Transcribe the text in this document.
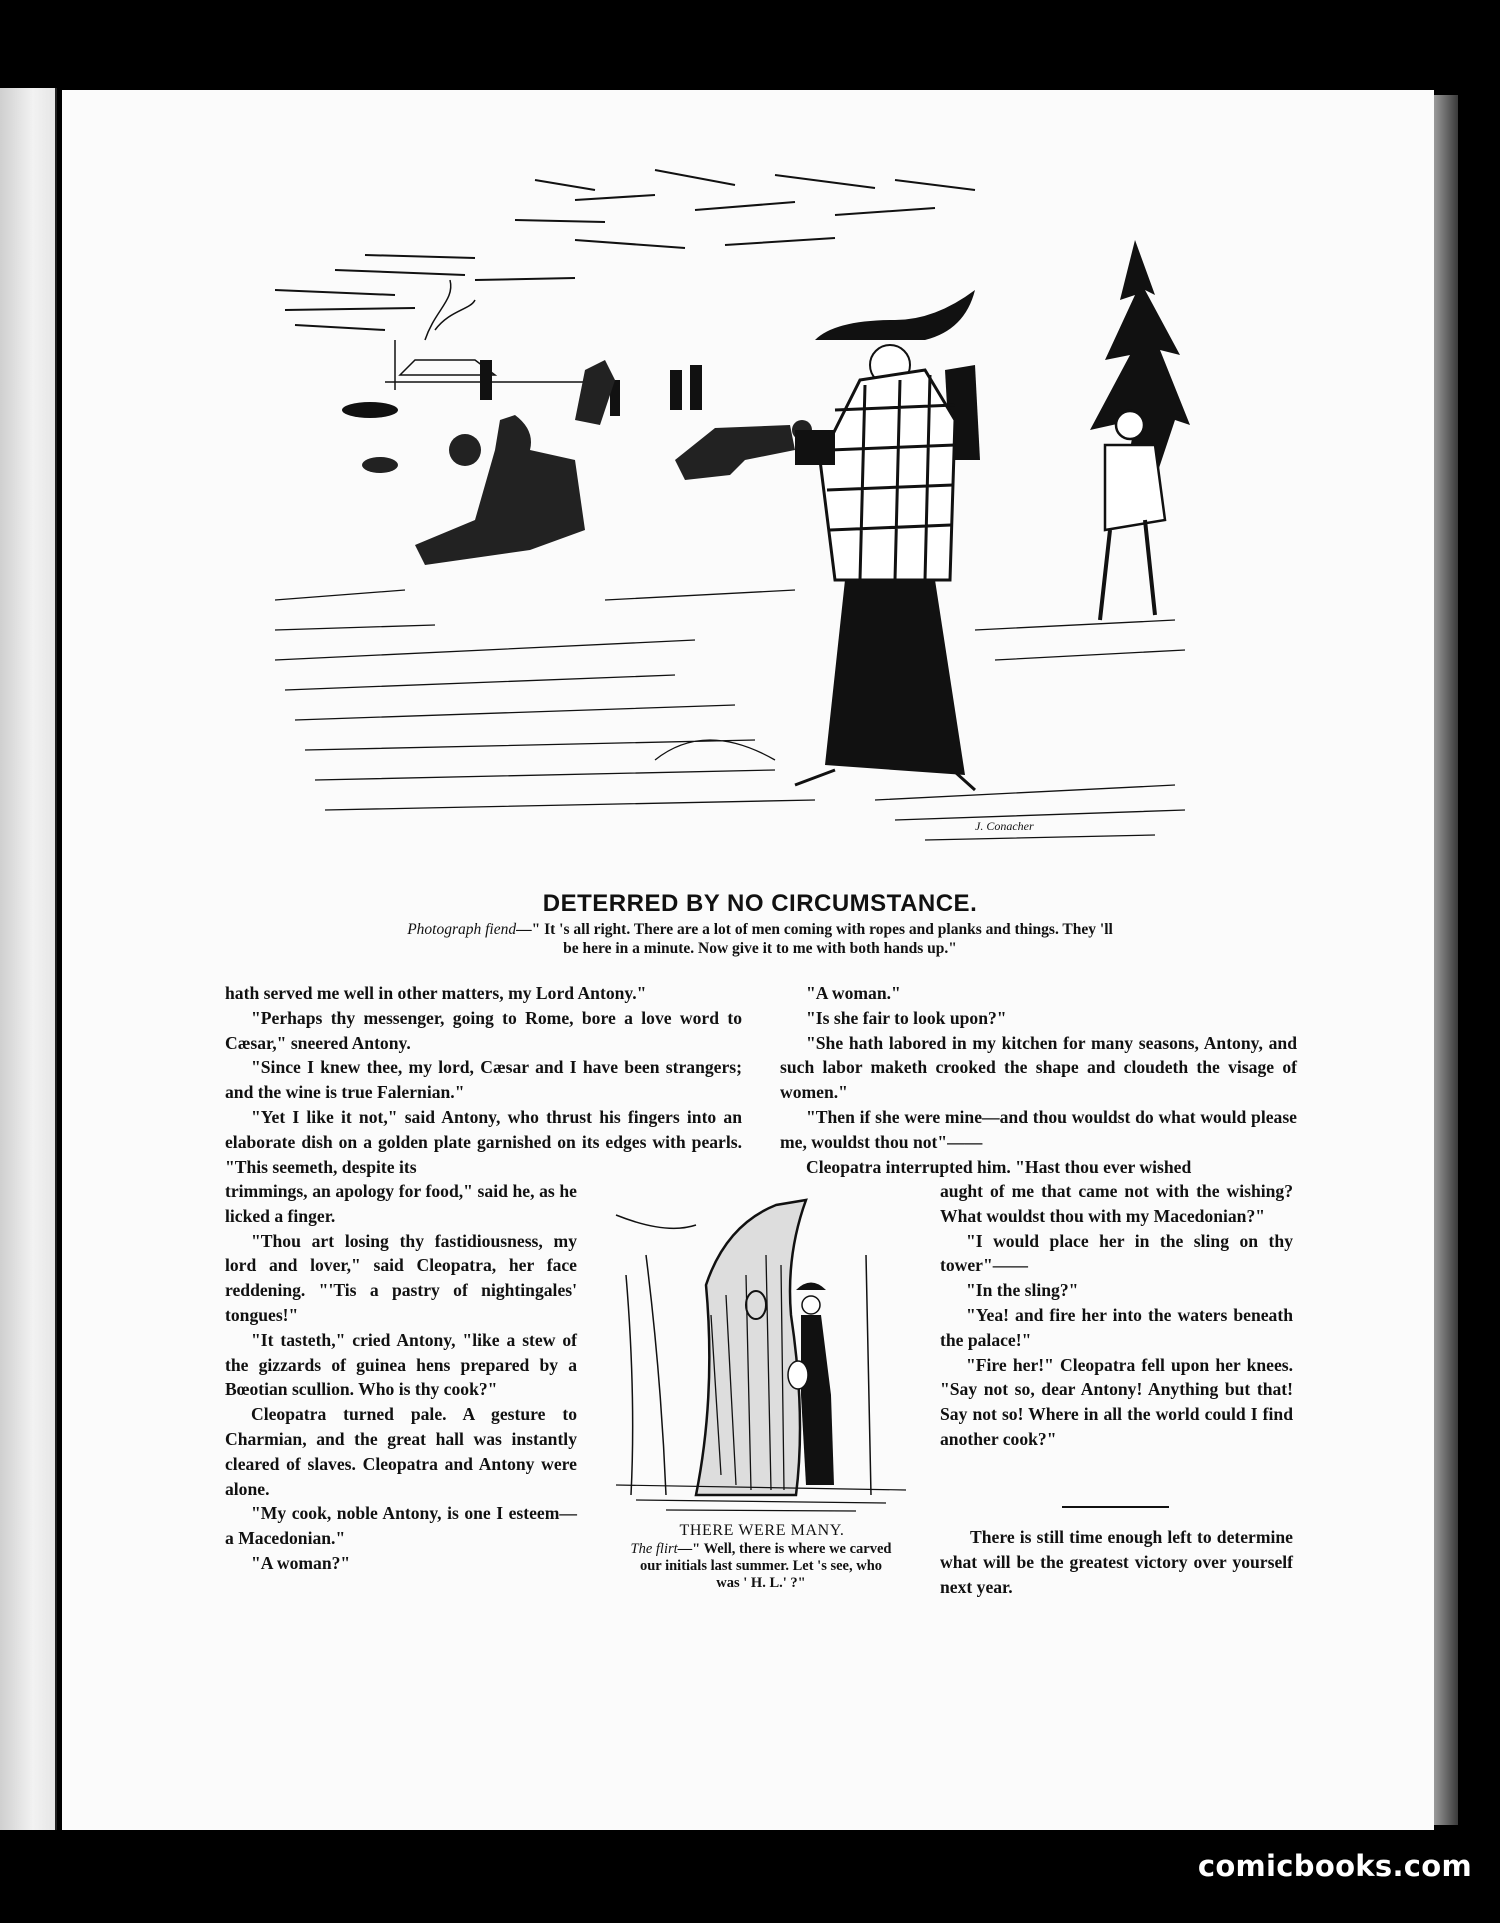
J. Conacher
DETERRED BY NO CIRCUMSTANCE.
Photograph fiend—" It 's all right. There are a lot of men coming with ropes and planks and things. They 'll
be here in a minute. Now give it to me with both hands up."

hath served me well in other matters, my Lord Antony."

"Perhaps thy messenger, going to Rome, bore a love word to Cæsar," sneered Antony.

"Since I knew thee, my lord, Cæsar and I have been strangers; and the wine is true Falernian."

"Yet I like it not," said Antony, who thrust his fingers into an elaborate dish on a golden plate garnished on its edges with pearls. "This seemeth, despite its

trimmings, an apology for food," said he, as he licked a finger.

"Thou art losing thy fastidiousness, my lord and lover," said Cleopatra, her face reddening. "'Tis a pastry of nightingales' tongues!"

"It tasteth," cried Antony, "like a stew of the gizzards of guinea hens prepared by a Bœotian scullion. Who is thy cook?"

Cleopatra turned pale. A gesture to Charmian, and the great hall was instantly cleared of slaves. Cleopatra and Antony were alone.

"My cook, noble Antony, is one I esteem—a Macedonian."

"A woman?"

"A woman."

"Is she fair to look upon?"

"She hath labored in my kitchen for many seasons, Antony, and such labor maketh crooked the shape and cloudeth the visage of women."

"Then if she were mine—and thou wouldst do what would please me, wouldst thou not"——

Cleopatra interrupted him. "Hast thou ever wished

aught of me that came not with the wishing? What wouldst thou with my Macedonian?"

"I would place her in the sling on thy tower"——

"In the sling?"

"Yea! and fire her into the waters beneath the palace!"

"Fire her!" Cleopatra fell upon her knees. "Say not so, dear Antony! Anything but that! Say not so! Where in all the world could I find another cook?"

THERE WERE MANY.
The flirt—" Well, there is where we carved
our initials last summer. Let 's see, who
was ' H. L.' ?"

There is still time enough left to determine what will be the greatest victory over yourself next year.

comicbooks.com
